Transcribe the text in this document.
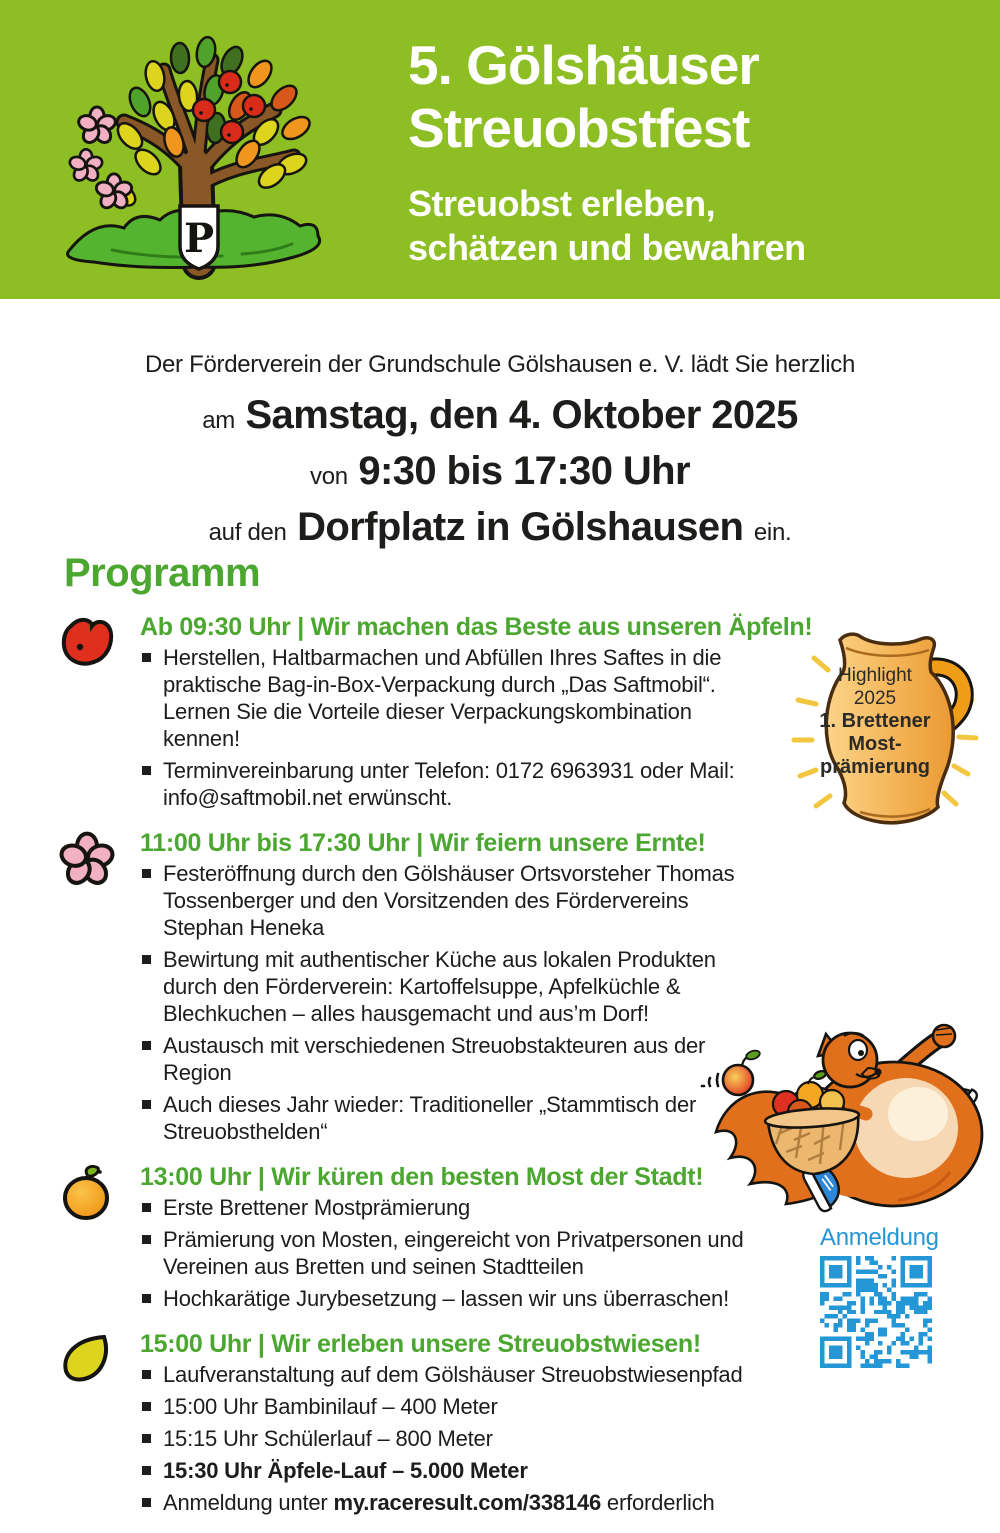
P
5. Gölshäuser
Streuobstfest
Streuobst erleben,
schätzen und bewahren

Der Förderverein der Grundschule Gölshausen e. V. lädt Sie herzlich

am Samstag, den 4. Oktober 2025

von 9:30 bis 17:30 Uhr

auf den Dorfplatz in Gölshausen ein.

Programm
Ab 09:30 Uhr | Wir machen das Beste aus unseren Äpfeln!
Herstellen, Haltbarmachen und Abfüllen Ihres Saftes in die praktische Bag-in-Box-Verpackung durch „Das Saftmobil“. Lernen Sie die Vorteile dieser Verpackungskombination kennen!
Terminvereinbarung unter Telefon: 0172 6963931 oder Mail: info@saftmobil.net erwünscht.
11:00 Uhr bis 17:30 Uhr | Wir feiern unsere Ernte!
Festeröffnung durch den Gölshäuser Ortsvorsteher Thomas Tossenberger und den Vorsitzenden des Fördervereins Stephan Heneka
Bewirtung mit authentischer Küche aus lokalen Produkten durch den Förderverein: Kartoffelsuppe, Apfelküchle & Blechkuchen – alles hausgemacht und aus’m Dorf!
Austausch mit verschiedenen Streuobstakteuren aus der Region
Auch dieses Jahr wieder: Traditioneller „Stammtisch der Streuobsthelden“
13:00 Uhr | Wir küren den besten Most der Stadt!
Erste Brettener Mostprämierung
Prämierung von Mosten, eingereicht von Privatpersonen und Vereinen aus Bretten und seinen Stadtteilen
Hochkarätige Jurybesetzung – lassen wir uns überraschen!
15:00 Uhr | Wir erleben unsere Streuobstwiesen!
Laufveranstaltung auf dem Gölshäuser Streuobstwiesenpfad
15:00 Uhr Bambinilauf – 400 Meter
15:15 Uhr Schülerlauf – 800 Meter
15:30 Uhr Äpfele-Lauf – 5.000 Meter
Anmeldung unter my.raceresult.com/338146 erforderlich
Highlight
2025
1. Brettener
Most-
prämierung
Anmeldung
